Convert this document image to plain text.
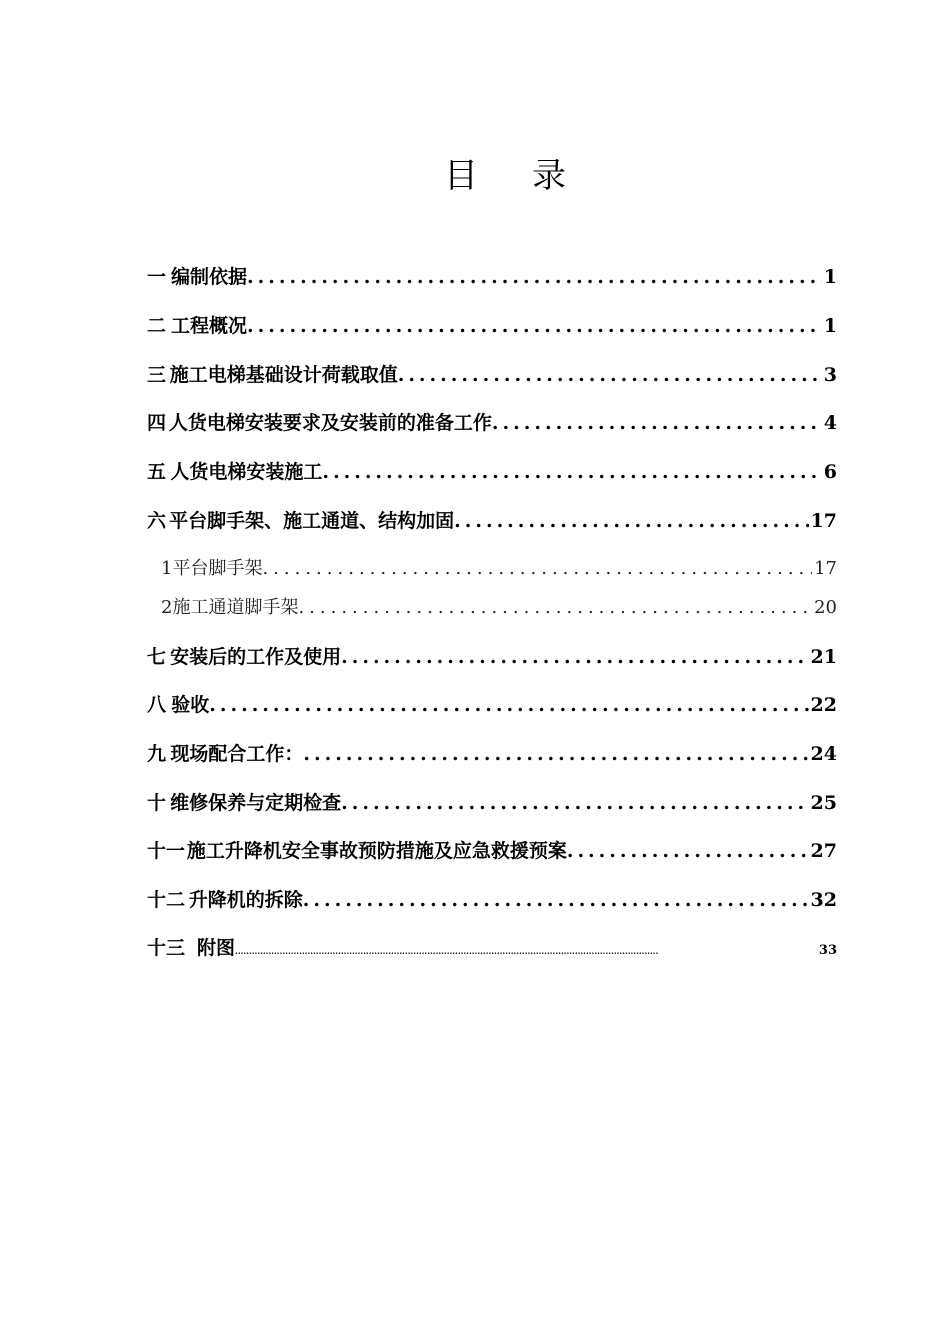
目 录
一 编制依据 .....	1
二 工程概况 .....	1
三 施工电梯基础设计荷载取值 .....	3
四 人货电梯安装要求及安装前的准备工作 .....	4
五 人货电梯安装施工 .....	6
六 平台脚手架、施工通道、结构加固 .....	17
1 平台脚手架 .....	17
2 施工通道脚手架 .....	20
七 安装后的工作及使用 .....	21
八 验收 .....	22
九 现场配合工作： .....	24
十 维修保养与定期检查 .....	25
十一 施工升降机安全事故预防措施及应急救援预案 .....	27
十二 升降机的拆除 .....	32
十三 附图 .....	33
